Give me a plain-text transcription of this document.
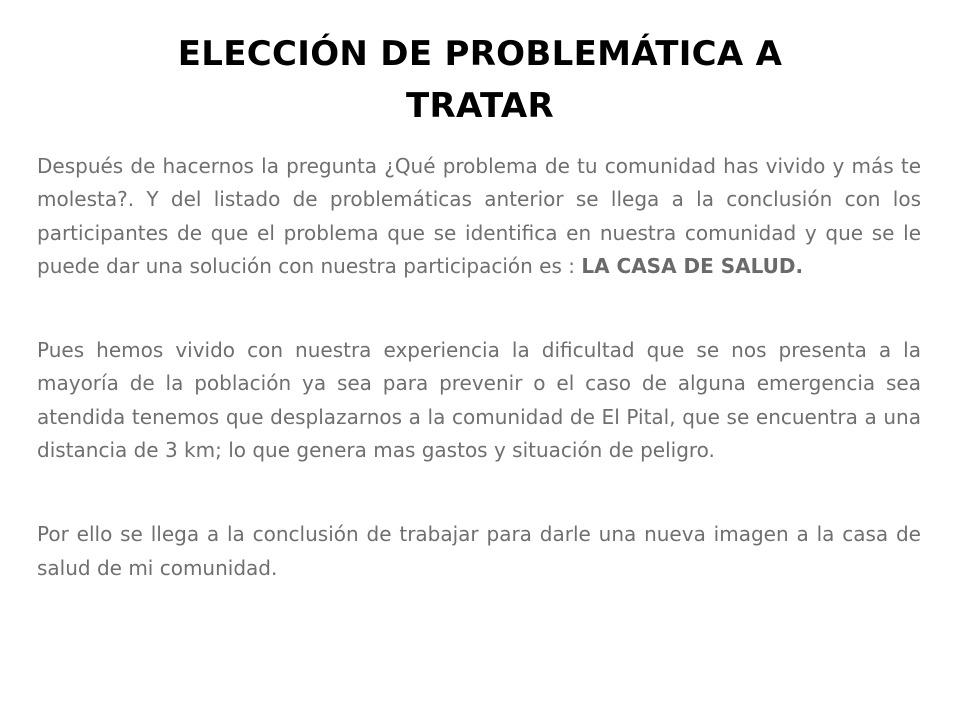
ELECCIÓN DE PROBLEMÁTICA A TRATAR

Después de hacernos la pregunta ¿Qué problema de tu comunidad has vivido y más te molesta?. Y del listado de problemáticas anterior se llega a la conclusión con los participantes de que el problema que se identifica en nuestra comunidad y que se le puede dar una solución con nuestra participación es : LA CASA DE SALUD.

Pues hemos vivido con nuestra experiencia la dificultad que se nos presenta a la mayoría de la población ya sea para prevenir o el caso de alguna emergencia sea atendida tenemos que desplazarnos a la comunidad de El Pital, que se encuentra a una distancia de 3 km; lo que genera mas gastos y situación de peligro.

Por ello se llega a la conclusión de trabajar para darle una nueva imagen a la casa de salud de mi comunidad.
